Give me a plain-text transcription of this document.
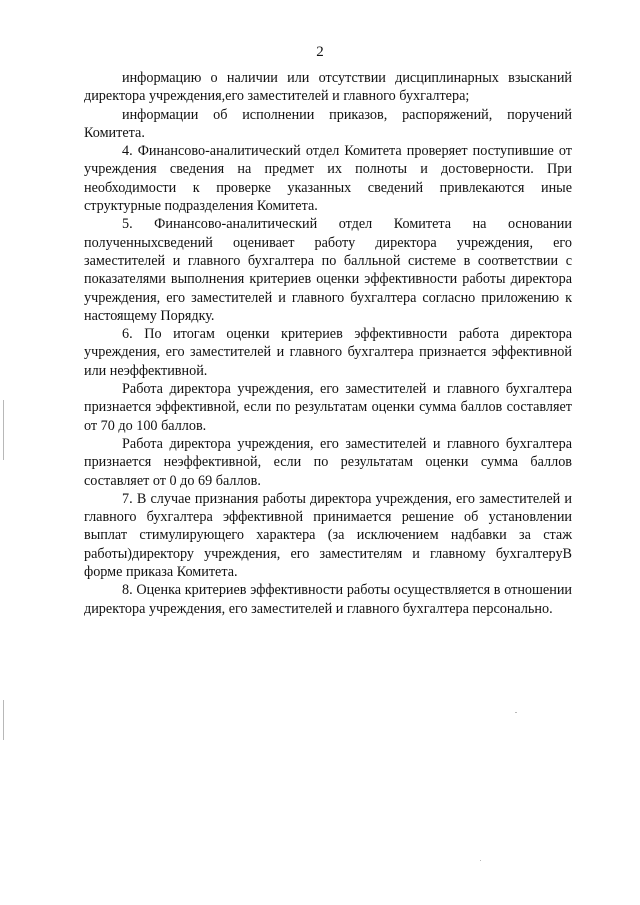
2

информацию о наличии или отсутствии дисциплинарных взысканий директора учреждения,его заместителей и главного бухгалтера;

информации об исполнении приказов, распоряжений, поручений Комитета.

4. Финансово-аналитический отдел Комитета проверяет поступившие от учреждения сведения на предмет их полноты и достоверности. При необходимости к проверке указанных сведений привлекаются иные структурные подразделения Комитета.

5. Финансово-аналитический отдел Комитета на основании полученныхсведений оценивает работу директора учреждения, его заместителей и главного бухгалтера по балльной системе в соответствии с показателями выполнения критериев оценки эффективности работы директора учреждения, его заместителей и главного бухгалтера согласно приложению к настоящему Порядку.

6. По итогам оценки критериев эффективности работа директора учреждения, его заместителей и главного бухгалтера признается эффективной или неэффективной.

Работа директора учреждения, его заместителей и главного бухгалтера признается эффективной, если по результатам оценки сумма баллов составляет от 70 до 100 баллов.

Работа директора учреждения, его заместителей и главного бухгалтера признается неэффективной, если по результатам оценки сумма баллов составляет от 0 до 69 баллов.

7. В случае признания работы директора учреждения, его заместителей и главного бухгалтера эффективной принимается решение об установлении выплат стимулирующего характера (за исключением надбавки за стаж работы)директору учреждения, его заместителям и главному бухгалтеруВ форме приказа Комитета.

8. Оценка критериев эффективности работы осуществляется в отношении директора учреждения, его заместителей и главного бухгалтера персонально.
